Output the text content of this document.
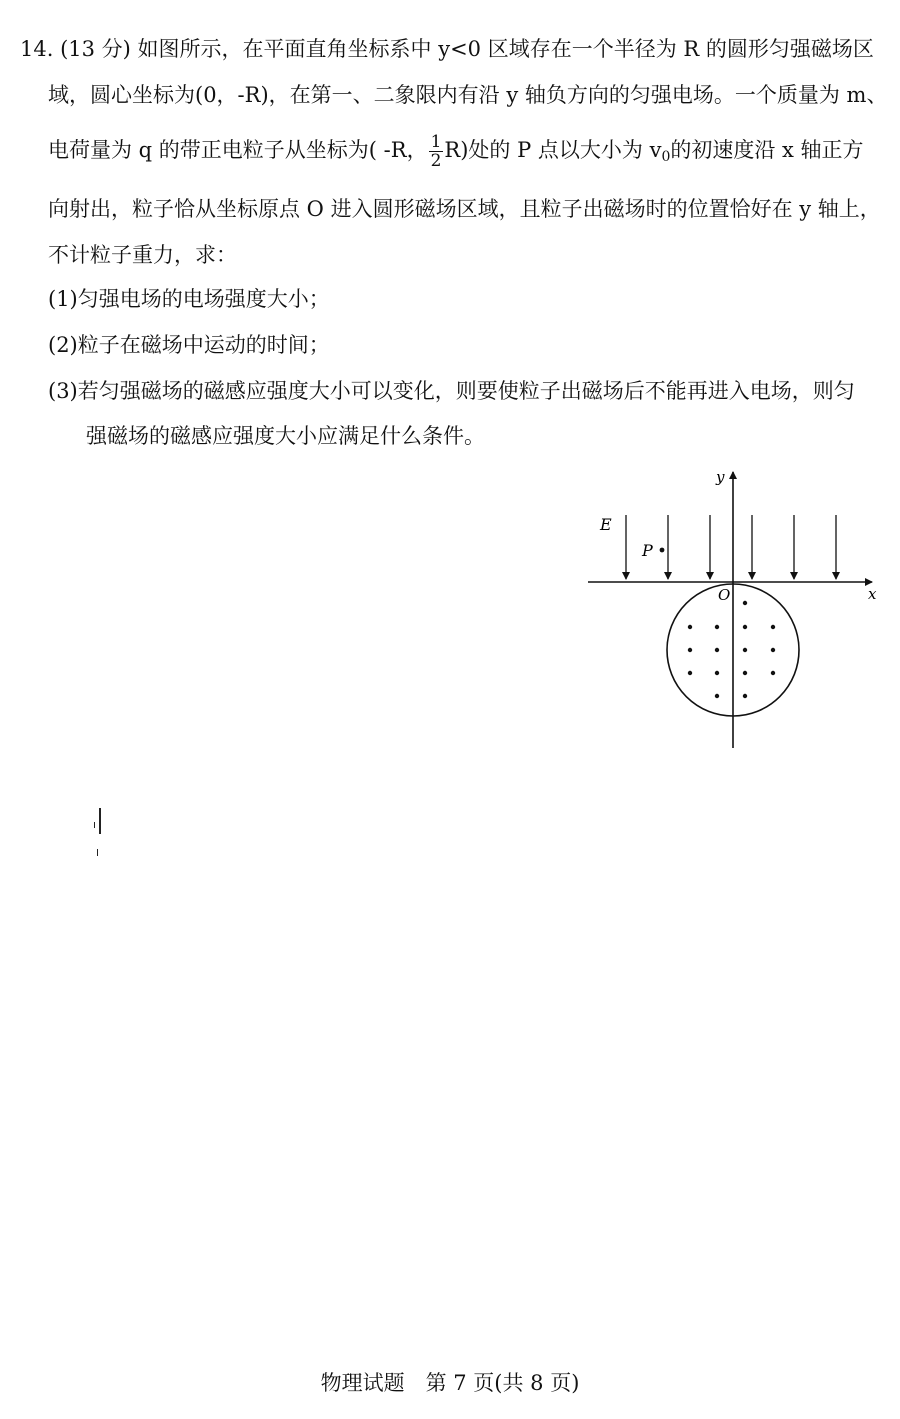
14. (13 分) 如图所示，在平面直角坐标系中 y<0 区域存在一个半径为 R 的圆形匀强磁场区
域，圆心坐标为(0，-R)，在第一、二象限内有沿 y 轴负方向的匀强电场。一个质量为 m、
电荷量为 q 的带正电粒子从坐标为( -R， $\frac{1}{2} R$)处的 P 点以大小为 $v_0$的初速度沿 x 轴正方
向射出，粒子恰从坐标原点 O 进入圆形磁场区域，且粒子出磁场时的位置恰好在 y 轴上，
不计粒子重力，求：
(1)匀强电场的电场强度大小；
(2)粒子在磁场中运动的时间；
(3)若匀强磁场的磁感应强度大小可以变化，则要使粒子出磁场后不能再进入电场，则匀
强磁场的磁感应强度大小应满足什么条件。
y
x
E
P
O
物理试题　第 7 页(共 8 页)
